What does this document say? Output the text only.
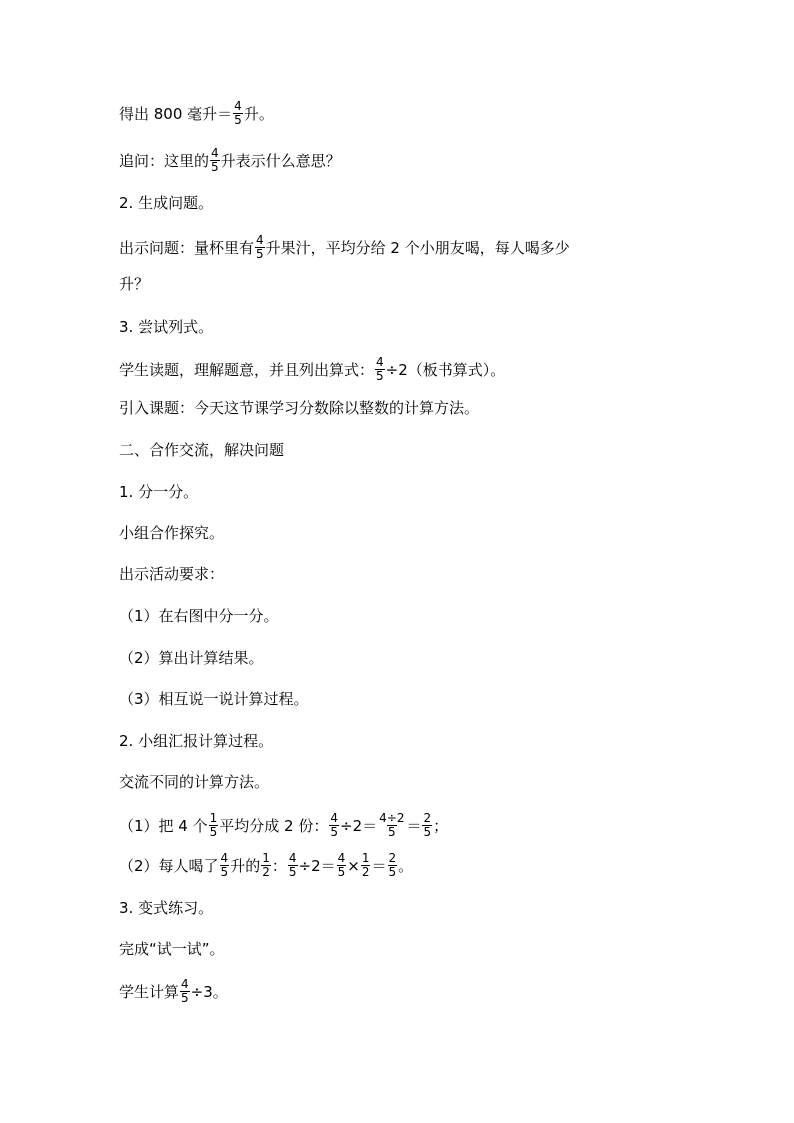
得出 800 毫升＝ $\frac{4}{5}$ 升。
追问：这里的 $\frac{4}{5}$ 升表示什么意思？
2. 生成问题。
出示问题：量杯里有 $\frac{4}{5}$ 升果汁，平均分给 2 个小朋友喝，每人喝多少
升？
3. 尝试列式。
学生读题，理解题意，并且列出算式： $\frac{4}{5} \div 2$（板书算式）。
引入课题：今天这节课学习分数除以整数的计算方法。
二、合作交流，解决问题
1. 分一分。
小组合作探究。
出示活动要求：
（1）在右图中分一分。
（2）算出计算结果。
（3）相互说一说计算过程。
2. 小组汇报计算过程。
交流不同的计算方法。
（1）把 4 个 $\frac{1}{5}$ 平均分成 2 份： $\frac{4}{5} \div 2= \frac{4\div 2}{5} = \frac{2}{5}$ ；
（2）每人喝了 $\frac{4}{5}$ 升的 $\frac{1}{2}$ ： $\frac{4}{5} \div 2= \frac{4}{5} \times \frac{1}{2} = \frac{2}{5}$ 。
3. 变式练习。
完成“试一试”。
学生计算 $\frac{4}{5} \div 3$。
